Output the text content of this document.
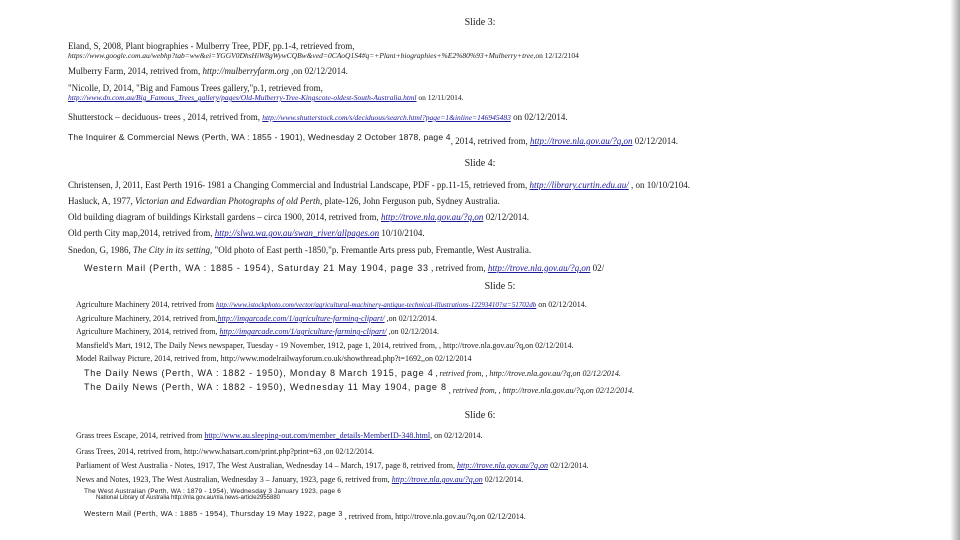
Slide 3:
Eland, S, 2008, Plant biographies - Mulberry Tree, PDF, pp.1-4, retrieved from,
https://www.google.com.au/webhp?tab=ww&ei=YGGV0DhsHiW8gWywCQBw&ved=0CAoQ1S4#q=+Plant+biographies+%E2%80%93+Mulberry+tree,on 12/12/2104
Mulberry Farm, 2014, retrived from, http://mulberryfarm.org ,on 02/12/2014.
"Nicolle, D, 2014, "Big and Famous Trees gallery,"p.1, retrieved from,
http://www.dn.com.au/Big_Famous_Trees_gallery/pages/Old-Mulberry-Tree-Kingscote-oldest-South-Australia.html on 12/11/2014.
Shutterstock – deciduous- trees , 2014, retrived from, http://www.shutterstock.com/s/deciduous/search.html?page=1&inline=146945483 on 02/12/2014.
The Inquirer & Commercial News (Perth, WA : 1855 - 1901), Wednesday 2 October 1878, page 4, 2014, retrived from, http://trove.nla.gov.au/?q,on 02/12/2014.
Slide 4:
Christensen, J, 2011, East Perth 1916- 1981 a Changing Commercial and Industrial Landscape, PDF - pp.11-15, retrieved from, http://library.curtin.edu.au/ , on 10/10/2104.
Hasluck, A, 1977, Victorian and Edwardian Photographs of old Perth, plate-126, John Ferguson pub, Sydney Australia.
Old building diagram of buildings Kirkstall gardens – circa 1900, 2014, retrived from, http://trove.nla.gov.au/?q,on 02/12/2014.
Old perth City map,2014, retrived from, http://slwa.wa.gov.au/swan_river/allpages.on 10/10/2104.
Snedon, G, 1986, The City in its setting, "Old photo of East perth -1850,"p. Fremantle Arts press pub, Fremantle, West Australia.
Western Mail (Perth, WA : 1885 - 1954), Saturday 21 May 1904, page 33 , retrived from, http://trove.nla.gov.au/?q,on 02/
Slide 5:
Agriculture Machinery 2014, retrived from http://www.istockphoto.com/vector/agricultural-machinery-antique-technical-illustrations-12293410?st=51702db on 02/12/2014.
Agriculture Machinery, 2014, retrived from,http://imgarcade.com/1/agriculture-farming-clipart/ ,on 02/12/2014.
Agriculture Machinery, 2014, retrived from, http://imgarcade.com/1/agriculture-farming-clipart/ ,on 02/12/2014.
Mansfield's Mart, 1912, The Daily News newspaper, Tuesday - 19 November, 1912, page 1, 2014, retrived from, , http://trove.nla.gov.au/?q,on 02/12/2014.
Model Railway Picture, 2014, retrived from, http://www.modelrailwayforum.co.uk/showthread.php?t=1692,,on 02/12/2014
The Daily News (Perth, WA : 1882 - 1950), Monday 8 March 1915, page 4 , retrived from, , http://trove.nla.gov.au/?q,on 02/12/2014.
The Daily News (Perth, WA : 1882 - 1950), Wednesday 11 May 1904, page 8 , retrived from, , http://trove.nla.gov.au/?q,on 02/12/2014.
Slide 6:
Grass trees Escape, 2014, retrived from http://www.au.sleeping-out.com/member_details-MemberID-348.html, on 02/12/2014.
Grass Trees, 2014, retrived from, http://www.hatsart.com/print.php?print=63 ,on 02/12/2014.
Parliament of West Australia - Notes, 1917, The West Australian, Wednesday 14 – March, 1917, page 8, retrived from, http://trove.nla.gov.au/?q,on 02/12/2014.
News and Notes, 1923, The West Australian, Wednesday 3 – January, 1923, page 6, retrived from, http://trove.nla.gov.au/?q,on 02/12/2014.
The West Australian (Perth, WA : 1879 - 1954), Wednesday 3 January 1923, page 6
National Library of Australia http://nla.gov.au/nla.news-article2955880
Western Mail (Perth, WA : 1885 - 1954), Thursday 19 May 1922, page 3 , retrived from, http://trove.nla.gov.au/?q,on 02/12/2014.
